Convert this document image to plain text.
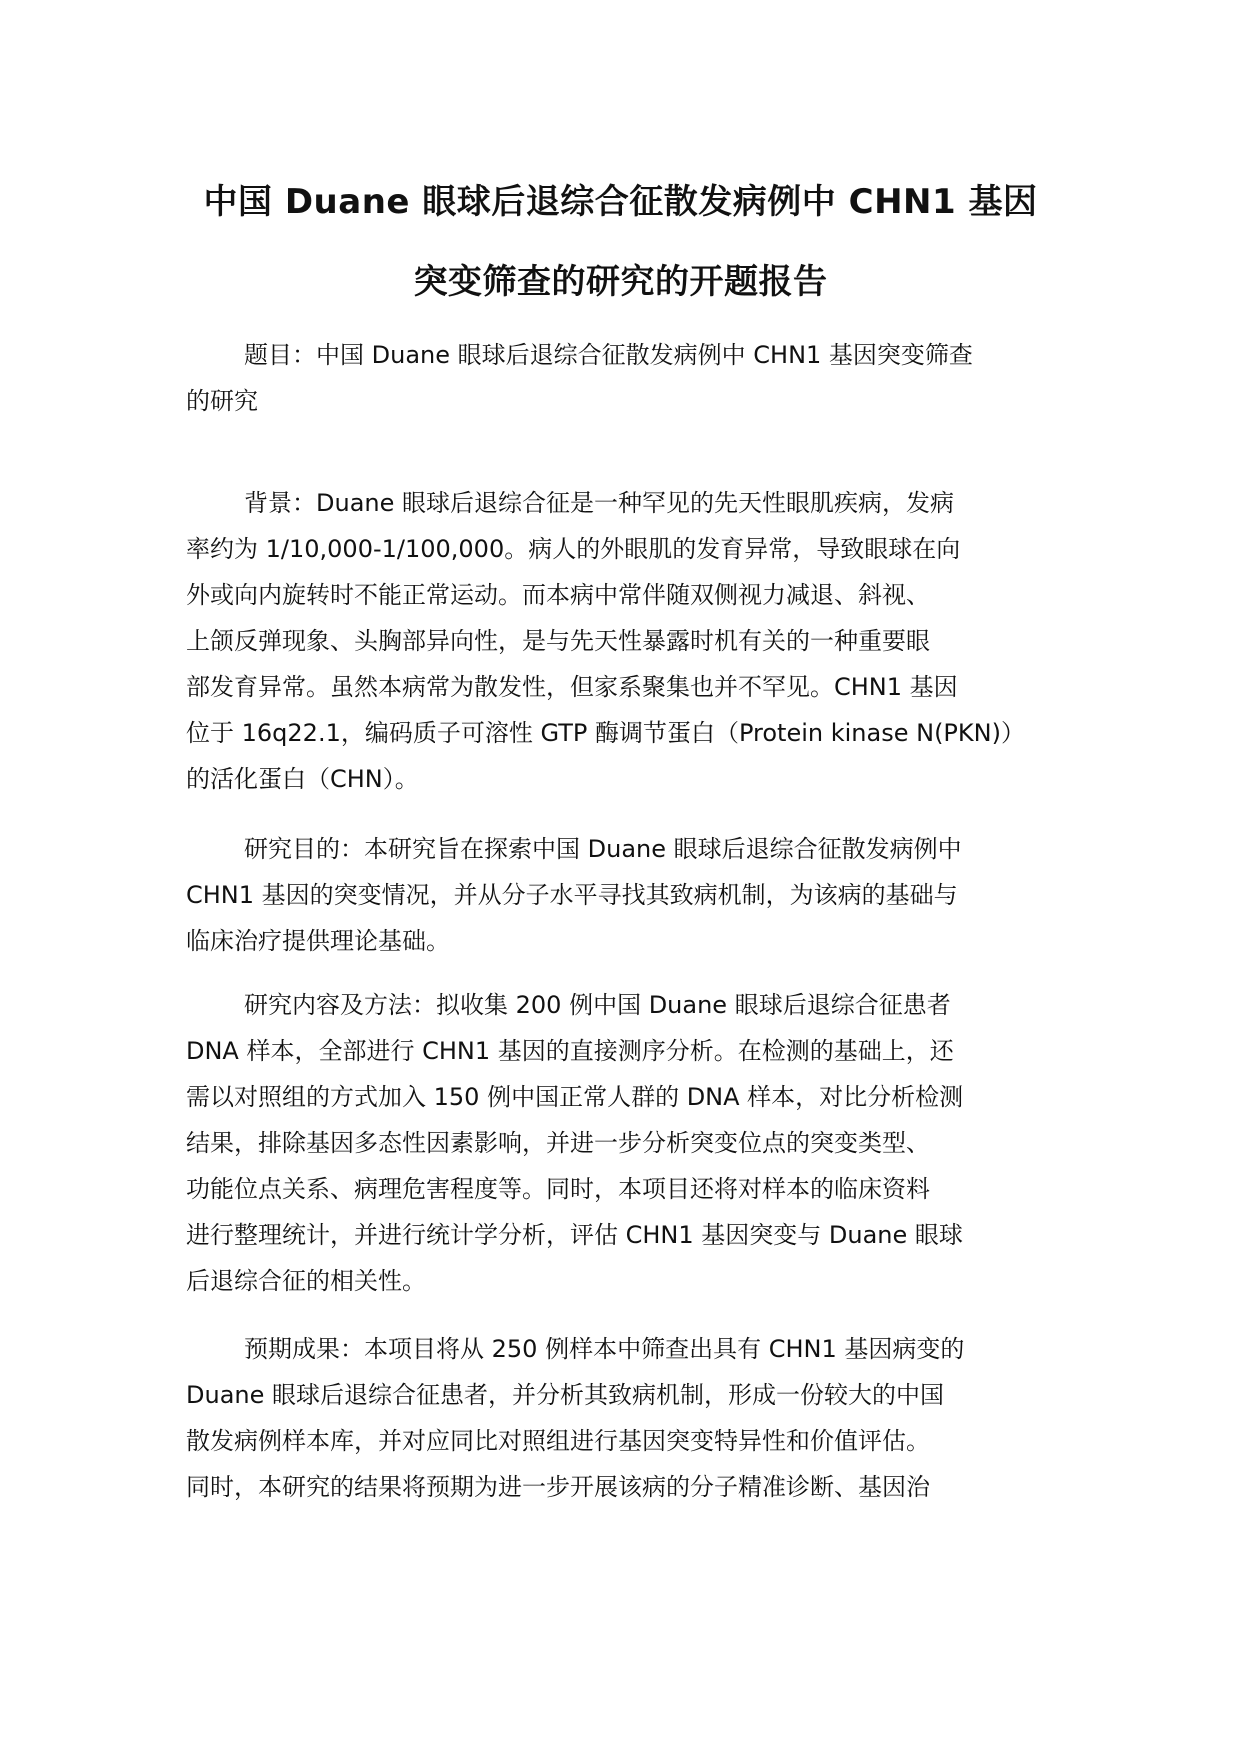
中国 Duane 眼球后退综合征散发病例中 CHN1 基因
突变筛查的研究的开题报告

题目：中国 Duane 眼球后退综合征散发病例中 CHN1 基因突变筛查
的研究

背景：Duane 眼球后退综合征是一种罕见的先天性眼肌疾病，发病
率约为 1/10,000-1/100,000。病人的外眼肌的发育异常，导致眼球在向
外或向内旋转时不能正常运动。而本病中常伴随双侧视力减退、斜视、
上颌反弹现象、头胸部异向性，是与先天性暴露时机有关的一种重要眼
部发育异常。虽然本病常为散发性，但家系聚集也并不罕见。CHN1 基因
位于 16q22.1，编码质子可溶性 GTP 酶调节蛋白（Protein kinase N(PKN)）
的活化蛋白（CHN）。

研究目的：本研究旨在探索中国 Duane 眼球后退综合征散发病例中
CHN1 基因的突变情况，并从分子水平寻找其致病机制，为该病的基础与
临床治疗提供理论基础。

研究内容及方法：拟收集 200 例中国 Duane 眼球后退综合征患者
DNA 样本，全部进行 CHN1 基因的直接测序分析。在检测的基础上，还
需以对照组的方式加入 150 例中国正常人群的 DNA 样本，对比分析检测
结果，排除基因多态性因素影响，并进一步分析突变位点的突变类型、
功能位点关系、病理危害程度等。同时，本项目还将对样本的临床资料
进行整理统计，并进行统计学分析，评估 CHN1 基因突变与 Duane 眼球
后退综合征的相关性。

预期成果：本项目将从 250 例样本中筛查出具有 CHN1 基因病变的
Duane 眼球后退综合征患者，并分析其致病机制，形成一份较大的中国
散发病例样本库，并对应同比对照组进行基因突变特异性和价值评估。
同时，本研究的结果将预期为进一步开展该病的分子精准诊断、基因治
